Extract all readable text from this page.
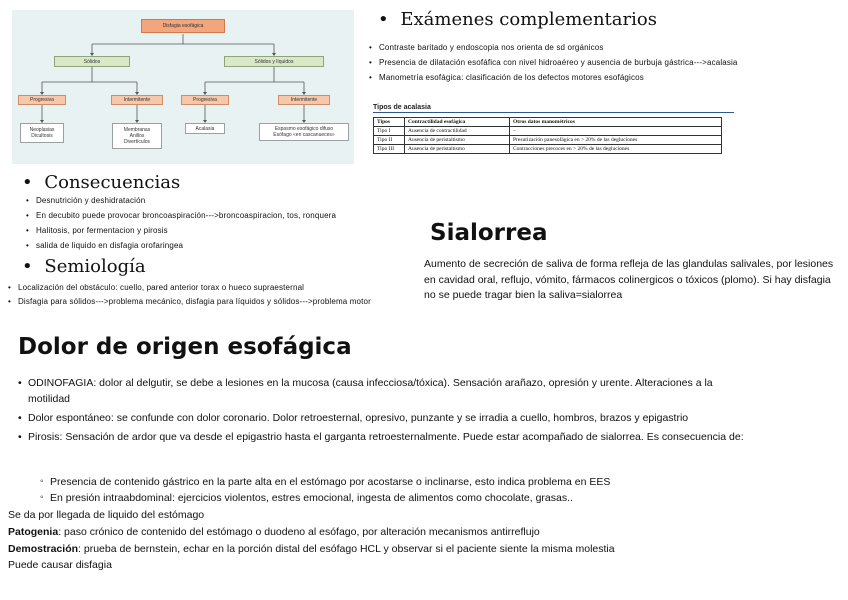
Disfagia esofágica
Sólidos	Sólidos y líquidos
Progresiva	Intermitente	Progresiva	Intermitente
Neoplasias
Dicultosis
Membranas
Anillos
Divertículos
Acalasia	Espasmo esofágico difuso
Esófago «en cascanueces»
• Exámenes complementarios
• Contraste baritado y endoscopia nos orienta de sd orgánicos
• Presencia de dilatación esofáfica con nivel hidroaéreo y ausencia de burbuja gástrica--->acalasia
• Manometría esofágica: clasificación de los defectos motores esofágicos
Tipos de acalasia
Tipos	Contractilidad esofágica	Otros datos manométricos
Tipo I	Ausencia de contractilidad	–
Tipo II	Ausencia de peristaltismo	Presurización panesofágica en > 20% de las degluciones
Tipo III	Ausencia de peristaltismo	Contracciones precoces en > 20% de las degluciones
• Consecuencias
• Desnutrición y deshidratación
• En decubito puede provocar broncoaspiración--->broncoaspiracion, tos, ronquera
• Halitosis, por fermentacion y pirosis
• salida de liquido en disfagia orofaringea
• Semiología
• Localización del obstáculo: cuello, pared anterior torax o hueco supraesternal
• Disfagia para sólidos--->problema mecánico, disfagia para líquidos y sólidos--->problema motor
Sialorrea
Aumento de secreción de saliva de forma refleja de las glandulas salivales, por lesiones en cavidad oral, reflujo, vómito, fármacos colinergicos o tóxicos (plomo). Si hay disfagia no se puede tragar bien la saliva=sialorrea
Dolor de origen esofágica
• ODINOFAGIA: dolor al delgutir, se debe a lesiones en la mucosa (causa infecciosa/tóxica). Sensación arañazo, opresión y urente. Alteraciones a la motilidad
• Dolor espontáneo: se confunde con dolor coronario. Dolor retroesternal, opresivo, punzante y se irradia a cuello, hombros, brazos y epigastrio
• Pirosis: Sensación de ardor que va desde el epigastrio hasta el garganta retroesternalmente. Puede estar acompañado de sialorrea. Es consecuencia de:
◦ Presencia de contenido gástrico en la parte alta en el estómago por acostarse o inclinarse, esto indica problema en EES
◦ En presión intraabdominal: ejercicios violentos, estres emocional, ingesta de alimentos como chocolate, grasas..
Se da por llegada de liquido del estómago
Patogenia: paso crónico de contenido del estómago o duodeno al esófago, por alteración mecanismos antirreflujo
Demostración: prueba de bernstein, echar en la porción distal del esófago HCL y observar si el paciente siente la misma molestia
Puede causar disfagia
